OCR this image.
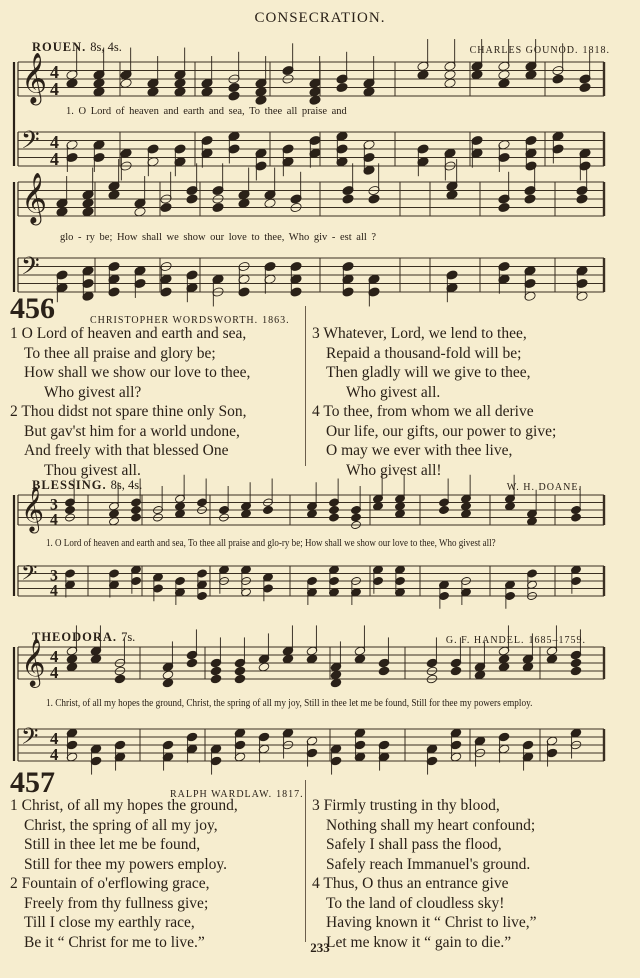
𝄞
𝄢
4
4
4
4
𝄞
𝄢
𝄞
𝄢
3
4
3
4
𝄞
𝄢
4
4
4
4
CONSECRATION.
ROUEN. 8s, 4s.	CHARLES GOUNOD. 1818.
1. O Lord of heaven and earth and sea, To thee all praise and
glo - ry be; How shall we show our love to thee, Who giv - est all ?
456	CHRISTOPHER WORDSWORTH. 1863.
1 O Lord of heaven and earth and sea,
To thee all praise and glory be;
How shall we show our love to thee,
Who givest all?
2 Thou didst not spare thine only Son,
But gav'st him for a world undone,
And freely with that blessed One
Thou givest all.
3 Whatever, Lord, we lend to thee,
Repaid a thousand-fold will be;
Then gladly will we give to thee,
Who givest all.
4 To thee, from whom we all derive
Our life, our gifts, our power to give;
O may we ever with thee live,
Who givest all!
BLESSING. 8s, 4s.	W. H. DOANE.
1. O Lord of heaven and earth and sea, To thee all praise and glo-ry be; How shall we show our love to thee, Who givest all?
THEODORA. 7s.	G. F. HANDEL. 1685–1759.
1. Christ, of all my hopes the ground, Christ, the spring of all my joy, Still in thee let me be found, Still for thee my powers employ.
457	RALPH WARDLAW. 1817.
1 Christ, of all my hopes the ground,
Christ, the spring of all my joy,
Still in thee let me be found,
Still for thee my powers employ.
2 Fountain of o'erflowing grace,
Freely from thy fullness give;
Till I close my earthly race,
Be it “ Christ for me to live.”
3 Firmly trusting in thy blood,
Nothing shall my heart confound;
Safely I shall pass the flood,
Safely reach Immanuel's ground.
4 Thus, O thus an entrance give
To the land of cloudless sky!
Having known it “ Christ to live,”
Let me know it “ gain to die.”
233
